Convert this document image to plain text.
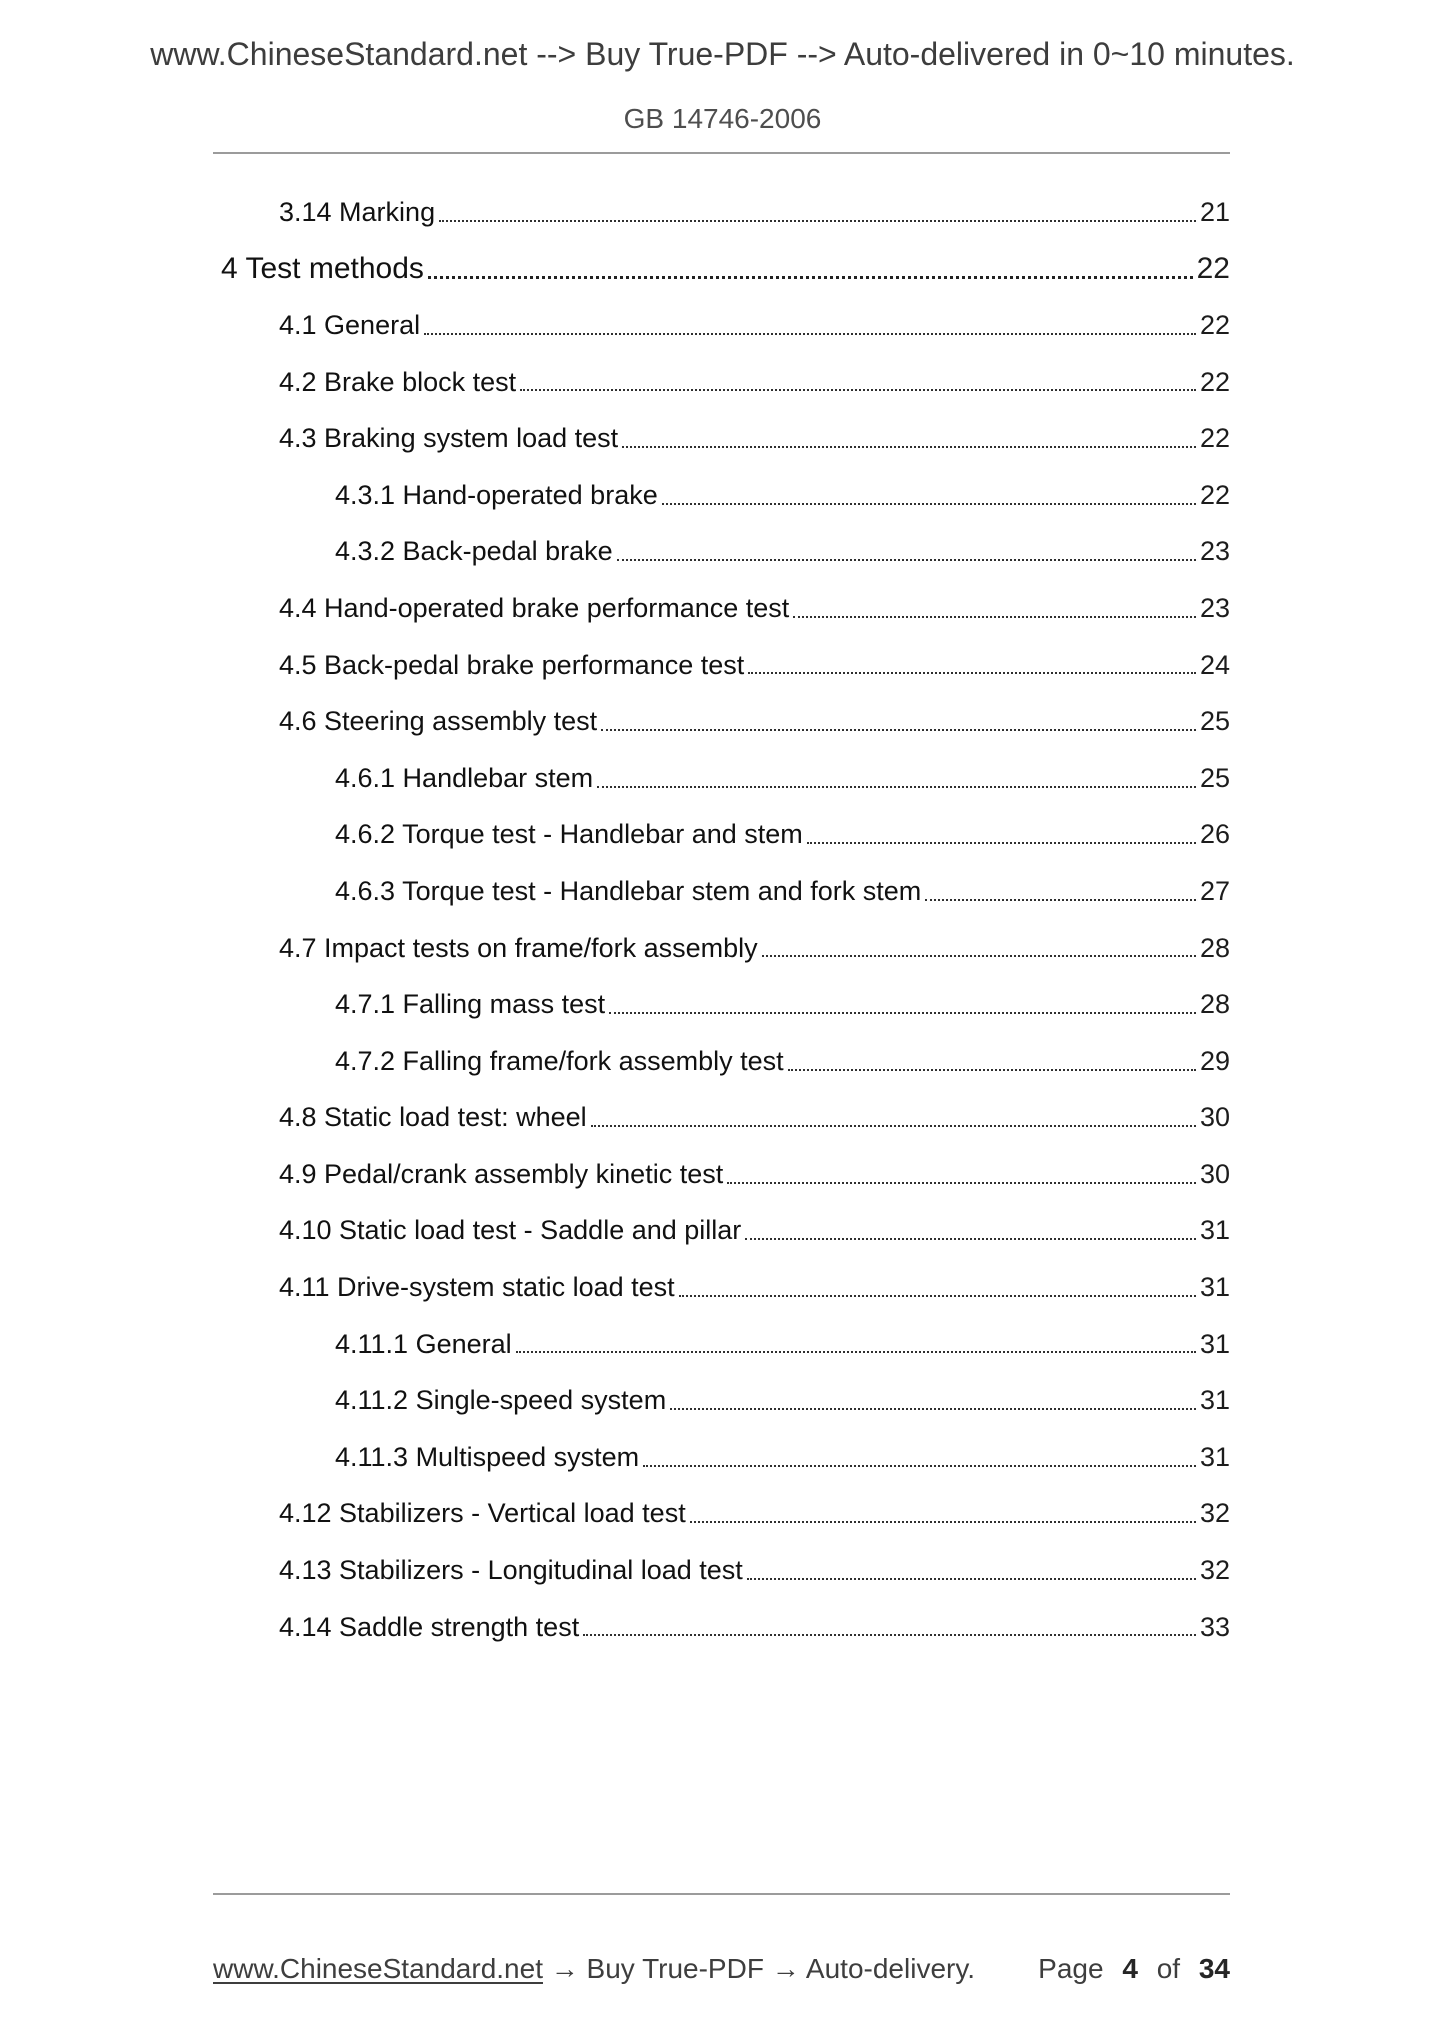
www.ChineseStandard.net --> Buy True-PDF --> Auto-delivered in 0~10 minutes.
GB 14746-2006
3.14 Marking	21
4 Test methods	22
4.1 General	22
4.2 Brake block test	22
4.3 Braking system load test	22
4.3.1 Hand-operated brake	22
4.3.2 Back-pedal brake	23
4.4 Hand-operated brake performance test	23
4.5 Back-pedal brake performance test	24
4.6 Steering assembly test	25
4.6.1 Handlebar stem	25
4.6.2 Torque test - Handlebar and stem	26
4.6.3 Torque test - Handlebar stem and fork stem	27
4.7 Impact tests on frame/fork assembly	28
4.7.1 Falling mass test	28
4.7.2 Falling frame/fork assembly test	29
4.8 Static load test: wheel	30
4.9 Pedal/crank assembly kinetic test	30
4.10 Static load test - Saddle and pillar	31
4.11 Drive-system static load test	31
4.11.1 General	31
4.11.2 Single-speed system	31
4.11.3 Multispeed system	31
4.12 Stabilizers - Vertical load test	32
4.13 Stabilizers - Longitudinal load test	32
4.14 Saddle strength test	33
www.ChineseStandard.net → Buy True-PDF → Auto-delivery. Page 4 of 34
